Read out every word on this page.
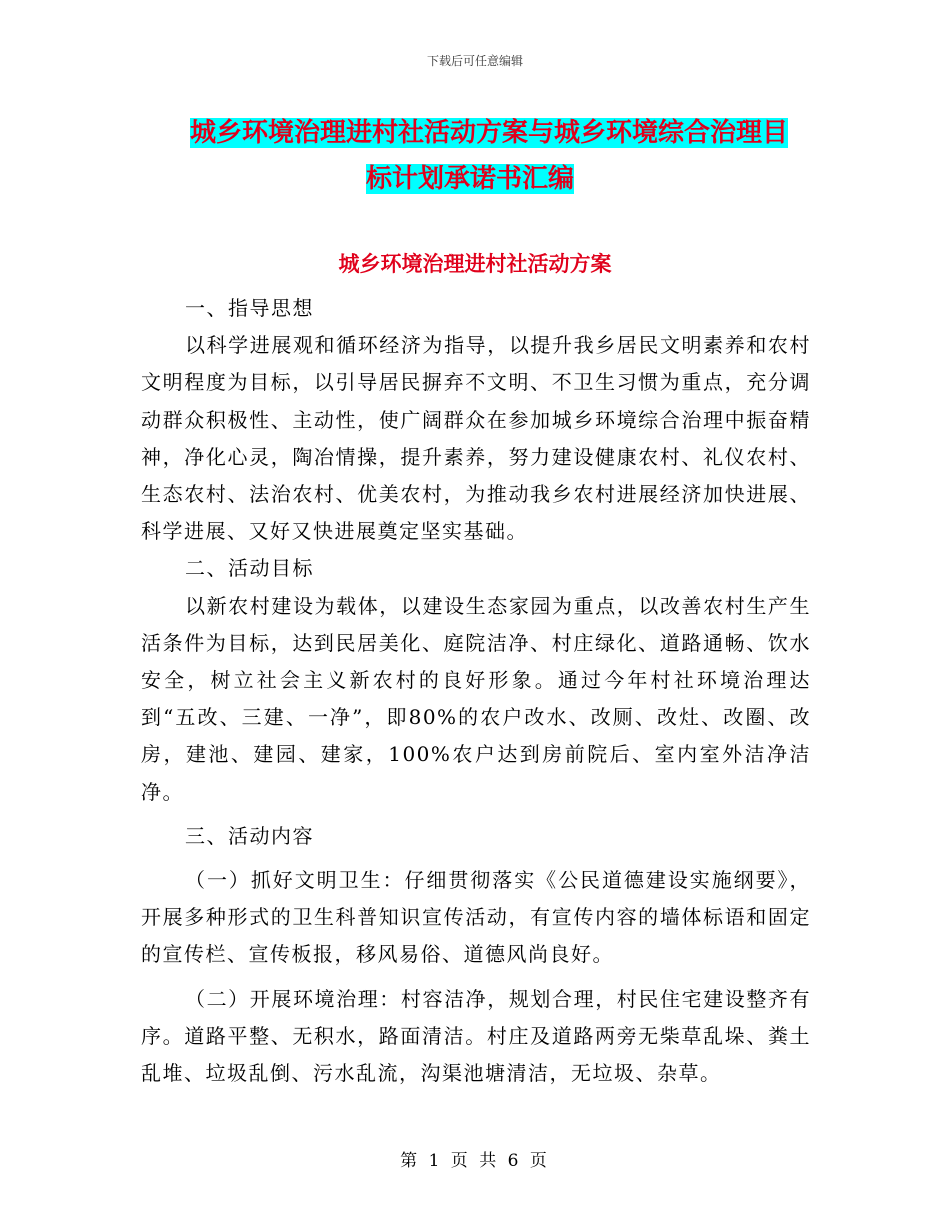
下载后可任意编辑
城乡环境治理进村社活动方案与城乡环境综合治理目
标计划承诺书汇编
城乡环境治理进村社活动方案

一、指导思想

以科学进展观和循环经济为指导，以提升我乡居民文明素养和农村文明程度为目标，以引导居民摒弃不文明、不卫生习惯为重点，充分调动群众积极性、主动性，使广阔群众在参加城乡环境综合治理中振奋精神，净化心灵，陶冶情操，提升素养，努力建设健康农村、礼仪农村、生态农村、法治农村、优美农村，为推动我乡农村进展经济加快进展、科学进展、又好又快进展奠定坚实基础。

二、活动目标

以新农村建设为载体，以建设生态家园为重点，以改善农村生产生活条件为目标，达到民居美化、庭院洁净、村庄绿化、道路通畅、饮水安全，树立社会主义新农村的良好形象。通过今年村社环境治理达到“五改、三建、一净”，即80%的农户改水、改厕、改灶、改圈、改房，建池、建园、建家，100%农户达到房前院后、室内室外洁净洁净。

三、活动内容

（一）抓好文明卫生：仔细贯彻落实《公民道德建设实施纲要》，开展多种形式的卫生科普知识宣传活动，有宣传内容的墙体标语和固定的宣传栏、宣传板报，移风易俗、道德风尚良好。

（二）开展环境治理：村容洁净，规划合理，村民住宅建设整齐有序。道路平整、无积水，路面清洁。村庄及道路两旁无柴草乱垛、粪土乱堆、垃圾乱倒、污水乱流，沟渠池塘清洁，无垃圾、杂草。

第 1 页 共 6 页
